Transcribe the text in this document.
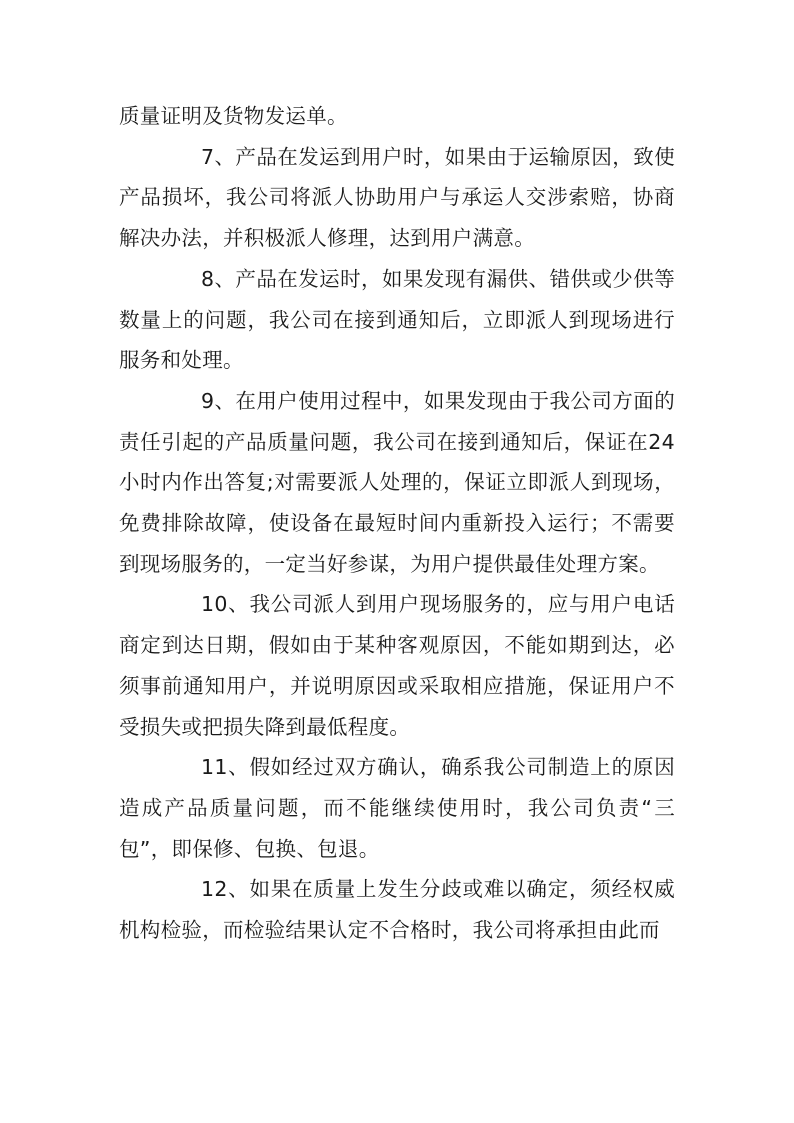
质量证明及货物发运单。

7、产品在发运到用户时，如果由于运输原因，致使产品损坏，我公司将派人协助用户与承运人交涉索赔，协商解决办法，并积极派人修理，达到用户满意。

8、产品在发运时，如果发现有漏供、错供或少供等数量上的问题，我公司在接到通知后，立即派人到现场进行服务和处理。

9、在用户使用过程中，如果发现由于我公司方面的责任引起的产品质量问题，我公司在接到通知后，保证在24小时内作出答复;对需要派人处理的，保证立即派人到现场，免费排除故障，使设备在最短时间内重新投入运行；不需要到现场服务的，一定当好参谋，为用户提供最佳处理方案。

10、我公司派人到用户现场服务的，应与用户电话商定到达日期，假如由于某种客观原因，不能如期到达，必须事前通知用户，并说明原因或采取相应措施，保证用户不受损失或把损失降到最低程度。

11、假如经过双方确认，确系我公司制造上的原因造成产品质量问题，而不能继续使用时，我公司负责“三包”，即保修、包换、包退。

12、如果在质量上发生分歧或难以确定，须经权威机构检验，而检验结果认定不合格时，我公司将承担由此而
